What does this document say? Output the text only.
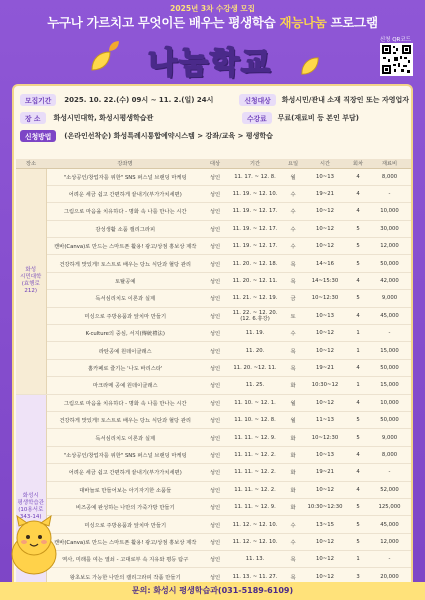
2025년 3차 수강생 모집
누구나 가르치고 무엇이든 배우는 평생학습 재능나눔 프로그램
신청 QR코드
나눔학교
모집기간	2025. 10. 22.(수) 09시 ~ 11. 2.(일) 24시	신청대상	화성시민/관내 소재 직장인 또는 자영업자
장 소	화성시민대학, 화성시평생학습관	수강료	무료(재료비 등 본인 부담)
신청방법	(온라인선착순) 화성특례시통합예약시스템 > 강좌/교육 > 평생학습
장소	강좌명	대상	기간	요일	시간	회차	재료비
화성
시민대학
(효행로
212)	"소상공인/창업자를 위한" SNS 퍼스널 브랜딩 마케팅	성인	11. 17. ~ 12. 8.	월	10~13	4	8,000
	어려운 세금 쉽고 간편하게 끝내기(부가가치세편)	성인	11. 19. ~ 12. 10.	수	19~21	4	-
	그림으로 마음을 치유하다 - 명화 속 나를 만나는 시간	성인	11. 19. ~ 12. 17.	수	10~12	4	10,000
	감성생활 소품 캘리그라피	성인	11. 19. ~ 12. 17.	수	10~12	5	30,000
	캔바(Canva)로 만드는 스마트폰 활용! 광고/상점 홍보상 제작	성인	11. 19. ~ 12. 17.	수	10~12	5	12,000
	건강하게 맛있게! 토스트로 배우는 당뇨 식단과 혈당 관리	성인	11. 20. ~ 12. 18.	목	14~16	5	50,000
	토탈공예	성인	11. 20. ~ 12. 11.	목	14~15:30	4	42,000
	독서심리치도 이론과 실제	성인	11. 21. ~ 12. 19.	금	10~12:30	5	9,000
	미싱으로 주방용품과 앞치마 만들기	성인	11. 22. ~ 12. 20.
(12. 6.휴강)	토	10~13	4	45,000
	K-culture의 중심, 서지(傳統禮法)	성인	11. 19.	수	10~12	1	-
	라탄공예 원데이클래스	성인	11. 20.	목	10~12	1	15,000
	홈카페로 즐기는 '나도 바리스타'	성인	11. 20. ~12. 11.	목	19~21	4	50,000
	마크라메 공예 원데이클래스	성인	11. 25.	화	10:30~12	1	15,000
화성시
평생학습관
(10용서로
343-14)	그림으로 마음을 치유하다 - 명화 속 나를 만나는 시간	성인	11. 10. ~ 12. 1.	월	10~12	4	10,000
	건강하게 맛있게! 토스트로 배우는 당뇨 식단과 혈당 관리	성인	11. 10. ~ 12. 8.	월	11~13	5	50,000
	독서심리치도 이론과 실제	성인	11. 11. ~ 12. 9.	화	10~12:30	5	9,000
	"소상공인/창업자를 위한" SNS 퍼스널 브랜딩 마케팅	성인	11. 11. ~ 12. 2.	화	10~13	4	8,000
	어려운 세금 쉽고 간편하게 끝내기(부가가치세편)	성인	11. 11. ~ 12. 2.	화	19~21	4	-
	대바늘로 만들어보는 아기자기한 소품들	성인	11. 11. ~ 12. 2.	화	10~12	4	52,000
	비즈공예 완성하는 나만의 가죽가방 만들기	성인	11. 11. ~ 12. 9.	화	10:30~12:30	5	125,000
	미싱으로 주방용품과 앞치마 만들기	성인	11. 12. ~ 12. 10.	수	13~15	5	45,000
	캔바(Canva)로 만드는 스마트폰 활용! 광고/상점 홍보상 제작	성인	11. 12. ~ 12. 10.	수	10~12	5	12,000
	역사, 미래를 여는 열쇠 - 고대로부 속 지유와 평등 탐구	성인	11. 13.	목	10~12	1	-
	왕초보도 가능한 나만의 캘리그라피 작품 만들기	성인	11. 13. ~ 11. 27.	목	10~12	3	20,000

문의: 화성시 평생학습과(031-5189-6109)
